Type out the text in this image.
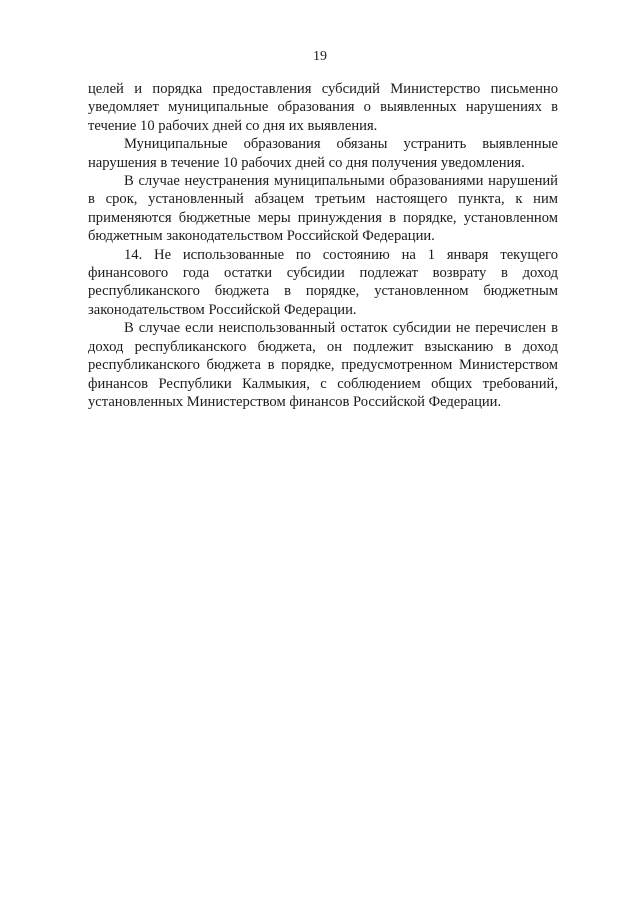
19

целей и порядка предоставления субсидий Министерство письменно уведомляет муниципальные образования о выявленных нарушениях в течение 10 рабочих дней со дня их выявления.

Муниципальные образования обязаны устранить выявленные нарушения в течение 10 рабочих дней со дня получения уведомления.

В случае неустранения муниципальными образованиями нарушений в срок, установленный абзацем третьим настоящего пункта, к ним применяются бюджетные меры принуждения в порядке, установленном бюджетным законодательством Российской Федерации.

14. Не использованные по состоянию на 1 января текущего финансового года остатки субсидии подлежат возврату в доход республиканского бюджета в порядке, установленном бюджетным законодательством Российской Федерации.

В случае если неиспользованный остаток субсидии не перечислен в доход республиканского бюджета, он подлежит взысканию в доход республиканского бюджета в порядке, предусмотренном Министерством финансов Республики Калмыкия, с соблюдением общих требований, установленных Министерством финансов Российской Федерации.
